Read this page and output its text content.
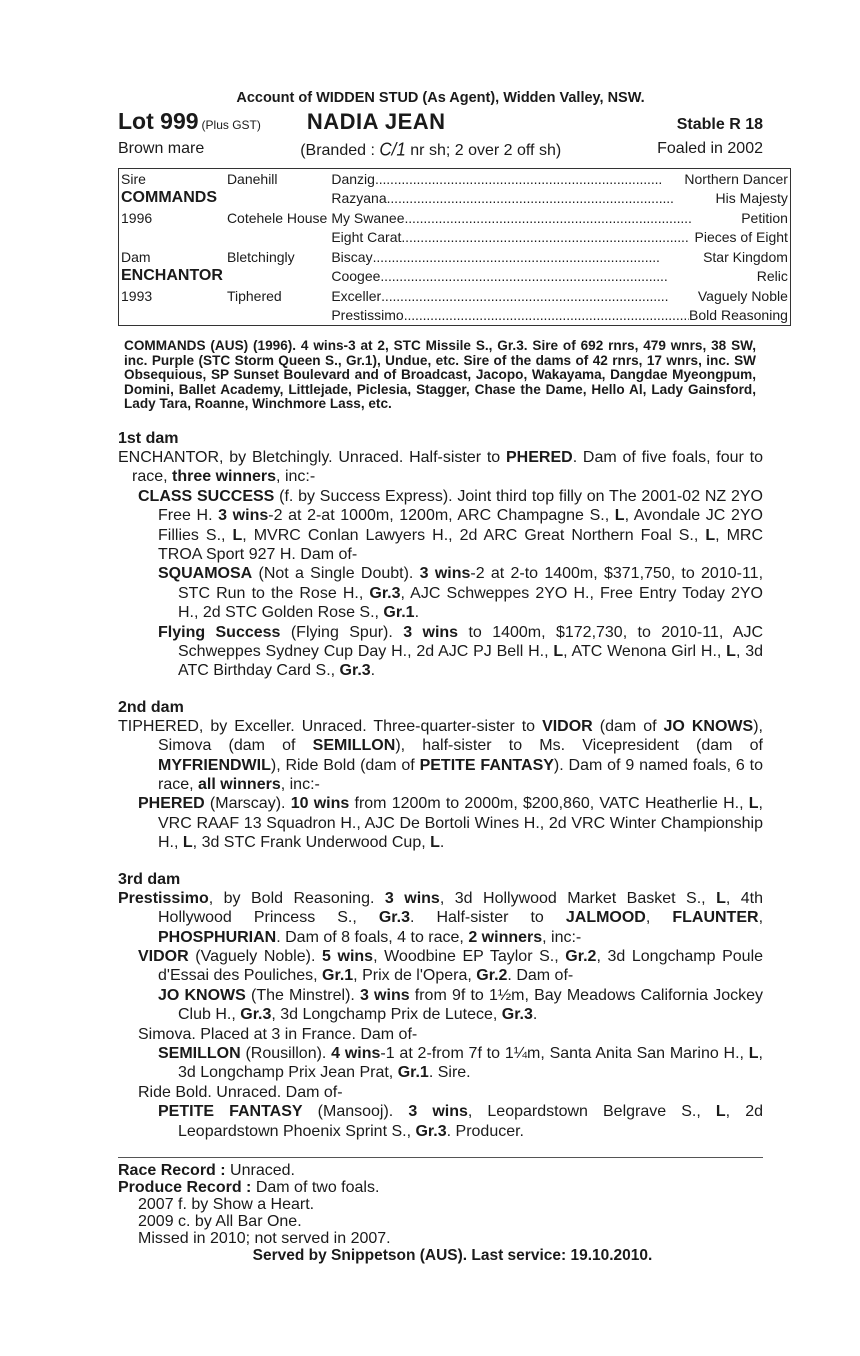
Account of WIDDEN STUD (As Agent), Widden Valley, NSW.
Lot 999 (Plus GST) NADIA JEAN	Stable R 18
Brown mare	(Branded : C/1 nr sh; 2 over 2 off sh)	Foaled in 2002
Sire	Danehill	Danzig . . . Northern Dancer

COMMANDS		Razyana . . . His Majesty

1996	Cotehele House	My Swanee . . . Petition

		Eight Carat . . . Pieces of Eight

Dam	Bletchingly	Biscay . . . Star Kingdom

ENCHANTOR		Coogee . . . Relic

1993	Tiphered	Exceller . . . Vaguely Noble

		Prestissimo . . . Bold Reasoning
COMMANDS (AUS) (1996). 4 wins-3 at 2, STC Missile S., Gr.3. Sire of 692 rnrs, 479 wnrs, 38 SW, inc. Purple (STC Storm Queen S., Gr.1), Undue, etc. Sire of the dams of 42 rnrs, 17 wnrs, inc. SW Obsequious, SP Sunset Boulevard and of Broadcast, Jacopo, Wakayama, Dangdae Myeongpum, Domini, Ballet Academy, Littlejade, Piclesia, Stagger, Chase the Dame, Hello Al, Lady Gainsford, Lady Tara, Roanne, Winchmore Lass, etc.
1st dam
ENCHANTOR, by Bletchingly. Unraced. Half-sister to PHERED. Dam of five foals, four to race, three winners, inc:-
CLASS SUCCESS (f. by Success Express). Joint third top filly on The 2001-02 NZ 2YO Free H. 3 wins-2 at 2-at 1000m, 1200m, ARC Champagne S., L, Avondale JC 2YO Fillies S., L, MVRC Conlan Lawyers H., 2d ARC Great Northern Foal S., L, MRC TROA Sport 927 H. Dam of-
SQUAMOSA (Not a Single Doubt). 3 wins-2 at 2-to 1400m, $371,750, to 2010-11, STC Run to the Rose H., Gr.3, AJC Schweppes 2YO H., Free Entry Today 2YO H., 2d STC Golden Rose S., Gr.1.
Flying Success (Flying Spur). 3 wins to 1400m, $172,730, to 2010-11, AJC Schweppes Sydney Cup Day H., 2d AJC PJ Bell H., L, ATC Wenona Girl H., L, 3d ATC Birthday Card S., Gr.3.
2nd dam
TIPHERED, by Exceller. Unraced. Three-quarter-sister to VIDOR (dam of JO KNOWS), Simova (dam of SEMILLON), half-sister to Ms. Vicepresident (dam of MYFRIENDWIL), Ride Bold (dam of PETITE FANTASY). Dam of 9 named foals, 6 to race, all winners, inc:-
PHERED (Marscay). 10 wins from 1200m to 2000m, $200,860, VATC Heatherlie H., L, VRC RAAF 13 Squadron H., AJC De Bortoli Wines H., 2d VRC Winter Championship H., L, 3d STC Frank Underwood Cup, L.
3rd dam
Prestissimo, by Bold Reasoning. 3 wins, 3d Hollywood Market Basket S., L, 4th Hollywood Princess S., Gr.3. Half-sister to JALMOOD, FLAUNTER, PHOSPHURIAN. Dam of 8 foals, 4 to race, 2 winners, inc:-
VIDOR (Vaguely Noble). 5 wins, Woodbine EP Taylor S., Gr.2, 3d Longchamp Poule d'Essai des Pouliches, Gr.1, Prix de l'Opera, Gr.2. Dam of-
JO KNOWS (The Minstrel). 3 wins from 9f to 1½m, Bay Meadows California Jockey Club H., Gr.3, 3d Longchamp Prix de Lutece, Gr.3.
Simova. Placed at 3 in France. Dam of-
SEMILLON (Rousillon). 4 wins-1 at 2-from 7f to 1¼m, Santa Anita San Marino H., L, 3d Longchamp Prix Jean Prat, Gr.1. Sire.
Ride Bold. Unraced. Dam of-
PETITE FANTASY (Mansooj). 3 wins, Leopardstown Belgrave S., L, 2d Leopardstown Phoenix Sprint S., Gr.3. Producer.
Race Record : Unraced.
Produce Record : Dam of two foals.
2007 f. by Show a Heart.
2009 c. by All Bar One.
Missed in 2010; not served in 2007.
Served by Snippetson (AUS). Last service: 19.10.2010.
